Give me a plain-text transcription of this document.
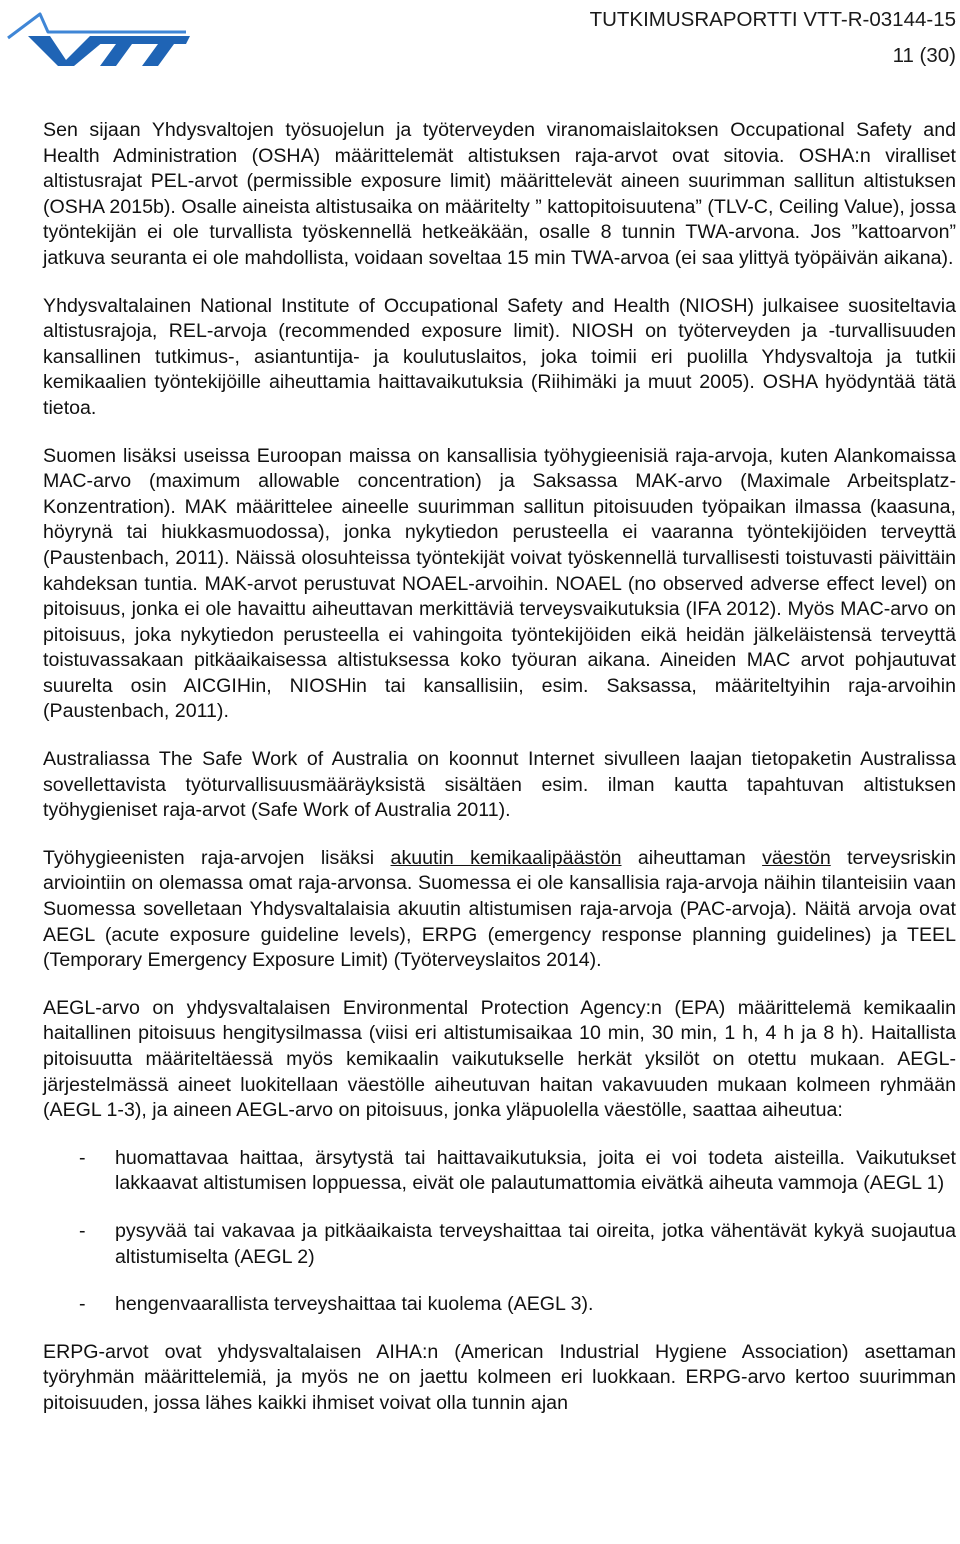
TUTKIMUSRAPORTTI VTT-R-03144-15
11 (30)

Sen sijaan Yhdysvaltojen työsuojelun ja työterveyden viranomaislaitoksen Occupational Safety and Health Administration (OSHA) määrittelemät altistuksen raja-arvot ovat sitovia. OSHA:n viralliset altistusrajat PEL-arvot (permissible exposure limit) määrittelevät aineen suurimman sallitun altistuksen (OSHA 2015b). Osalle aineista altistusaika on määritelty ” kattopitoisuutena” (TLV-C, Ceiling Value), jossa työntekijän ei ole turvallista työskennellä hetkeäkään, osalle 8 tunnin TWA-arvona. Jos ”kattoarvon” jatkuva seuranta ei ole mahdollista, voidaan soveltaa 15 min TWA-arvoa (ei saa ylittyä työpäivän aikana).

Yhdysvaltalainen National Institute of Occupational Safety and Health (NIOSH) julkaisee suositeltavia altistusrajoja, REL-arvoja (recommended exposure limit). NIOSH on työterveyden ja -turvallisuuden kansallinen tutkimus-, asiantuntija- ja koulutuslaitos, joka toimii eri puolilla Yhdysvaltoja ja tutkii kemikaalien työntekijöille aiheuttamia haittavaikutuksia (Riihimäki ja muut 2005). OSHA hyödyntää tätä tietoa.

Suomen lisäksi useissa Euroopan maissa on kansallisia työhygieenisiä raja-arvoja, kuten Alankomaissa MAC-arvo (maximum allowable concentration) ja Saksassa MAK-arvo (Maximale Arbeitsplatz-Konzentration). MAK määrittelee aineelle suurimman sallitun pitoisuuden työpaikan ilmassa (kaasuna, höyrynä tai hiukkasmuodossa), jonka nykytiedon perusteella ei vaaranna työntekijöiden terveyttä (Paustenbach, 2011). Näissä olosuhteissa työntekijät voivat työskennellä turvallisesti toistuvasti päivittäin kahdeksan tuntia. MAK-arvot perustuvat NOAEL-arvoihin. NOAEL (no observed adverse effect level) on pitoisuus, jonka ei ole havaittu aiheuttavan merkittäviä terveysvaikutuksia (IFA 2012). Myös MAC-arvo on pitoisuus, joka nykytiedon perusteella ei vahingoita työntekijöiden eikä heidän jälkeläistensä terveyttä toistuvassakaan pitkäaikaisessa altistuksessa koko työuran aikana. Aineiden MAC arvot pohjautuvat suurelta osin AICGIHin, NIOSHin tai kansallisiin, esim. Saksassa, määriteltyihin raja-arvoihin (Paustenbach, 2011).

Australiassa The Safe Work of Australia on koonnut Internet sivulleen laajan tietopaketin Australissa sovellettavista työturvallisuusmääräyksistä sisältäen esim. ilman kautta tapahtuvan altistuksen työhygieniset raja-arvot (Safe Work of Australia 2011).

Työhygieenisten raja-arvojen lisäksi akuutin kemikaalipäästön aiheuttaman väestön terveysriskin arviointiin on olemassa omat raja-arvonsa. Suomessa ei ole kansallisia raja-arvoja näihin tilanteisiin vaan Suomessa sovelletaan Yhdysvaltalaisia akuutin altistumisen raja-arvoja (PAC-arvoja). Näitä arvoja ovat AEGL (acute exposure guideline levels), ERPG (emergency response planning guidelines) ja TEEL (Temporary Emergency Exposure Limit) (Työterveyslaitos 2014).

AEGL-arvo on yhdysvaltalaisen Environmental Protection Agency:n (EPA) määrittelemä kemikaalin haitallinen pitoisuus hengitysilmassa (viisi eri altistumisaikaa 10 min, 30 min, 1 h, 4 h ja 8 h). Haitallista pitoisuutta määriteltäessä myös kemikaalin vaikutukselle herkät yksilöt on otettu mukaan. AEGL-järjestelmässä aineet luokitellaan väestölle aiheutuvan haitan vakavuuden mukaan kolmeen ryhmään (AEGL 1-3), ja aineen AEGL-arvo on pitoisuus, jonka yläpuolella väestölle, saattaa aiheutua:

- huomattavaa haittaa, ärsytystä tai haittavaikutuksia, joita ei voi todeta aisteilla. Vaikutukset lakkaavat altistumisen loppuessa, eivät ole palautumattomia eivätkä aiheuta vammoja (AEGL 1)
- pysyvää tai vakavaa ja pitkäaikaista terveyshaittaa tai oireita, jotka vähentävät kykyä suojautua altistumiselta (AEGL 2)
- hengenvaarallista terveyshaittaa tai kuolema (AEGL 3).

ERPG-arvot ovat yhdysvaltalaisen AIHA:n (American Industrial Hygiene Association) asettaman työryhmän määrittelemiä, ja myös ne on jaettu kolmeen eri luokkaan. ERPG-arvo kertoo suurimman pitoisuuden, jossa lähes kaikki ihmiset voivat olla tunnin ajan
